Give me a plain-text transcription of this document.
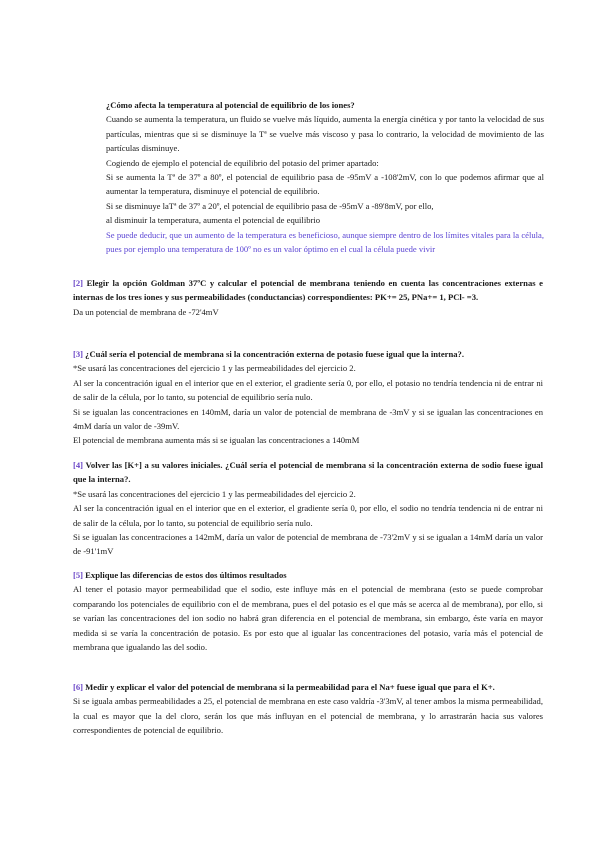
¿Cómo afecta la temperatura al potencial de equilibrio de los iones?

Cuando se aumenta la temperatura, un fluido se vuelve más líquido, aumenta la energía cinética y por tanto la velocidad de sus partículas, mientras que si se disminuye la Tª se vuelve más viscoso y pasa lo contrario, la velocidad de movimiento de las partículas disminuye.

Cogiendo de ejemplo el potencial de equilibrio del potasio del primer apartado:

Si se aumenta la Tª de 37º a 80º, el potencial de equilibrio pasa de -95mV a -108'2mV, con lo que podemos afirmar que al aumentar la temperatura, disminuye el potencial de equilibrio.

Si se disminuye laTª de 37º a 20º, el potencial de equilibrio pasa de -95mV a -89'8mV, por ello,

al disminuir la temperatura, aumenta el potencial de equilibrio

Se puede deducir, que un aumento de la temperatura es beneficioso, aunque siempre dentro de los límites vitales para la célula, pues por ejemplo una temperatura de 100º no es un valor óptimo en el cual la célula puede vivir

[2] Elegir la opción Goldman 37ºC y calcular el potencial de membrana teniendo en cuenta las concentraciones externas e internas de los tres iones y sus permeabilidades (conductancias) correspondientes: PK+= 25, PNa+= 1, PCl- =3.

Da un potencial de membrana de -72'4mV

[3] ¿Cuál sería el potencial de membrana si la concentración externa de potasio fuese igual que la interna?.

*Se usará las concentraciones del ejercicio 1 y las permeabilidades del ejercicio 2.

Al ser la concentración igual en el interior que en el exterior, el gradiente sería 0, por ello, el potasio no tendría tendencia ni de entrar ni de salir de la célula, por lo tanto, su potencial de equilibrio sería nulo.

Si se igualan las concentraciones en 140mM, daría un valor de potencial de membrana de -3mV y si se igualan las concentraciones en 4mM daría un valor de -39mV.

El potencial de membrana aumenta más si se igualan las concentraciones a 140mM

[4] Volver las [K+] a su valores iniciales. ¿Cuál sería el potencial de membrana si la concentración externa de sodio fuese igual que la interna?.

*Se usará las concentraciones del ejercicio 1 y las permeabilidades del ejercicio 2.

Al ser la concentración igual en el interior que en el exterior, el gradiente sería 0, por ello, el sodio no tendría tendencia ni de entrar ni de salir de la célula, por lo tanto, su potencial de equilibrio sería nulo.

Si se igualan las concentraciones a 142mM, daría un valor de potencial de membrana de -73'2mV y si se igualan a 14mM daría un valor de -91'1mV

[5] Explique las diferencias de estos dos últimos resultados

Al tener el potasio mayor permeabilidad que el sodio, este influye más en el potencial de membrana (esto se puede comprobar comparando los potenciales de equilibrio con el de membrana, pues el del potasio es el que más se acerca al de membrana), por ello, si se varían las concentraciones del ion sodio no habrá gran diferencia en el potencial de membrana, sin embargo, éste varía en mayor medida si se varía la concentración de potasio. Es por esto que al igualar las concentraciones del potasio, varía más el potencial de membrana que igualando las del sodio.

[6] Medir y explicar el valor del potencial de membrana si la permeabilidad para el Na+ fuese igual que para el K+.

Si se iguala ambas permeabilidades a 25, el potencial de membrana en este caso valdría -3'3mV, al tener ambos la misma permeabilidad, la cual es mayor que la del cloro, serán los que más influyan en el potencial de membrana, y lo arrastrarán hacia sus valores correspondientes de potencial de equilibrio.
